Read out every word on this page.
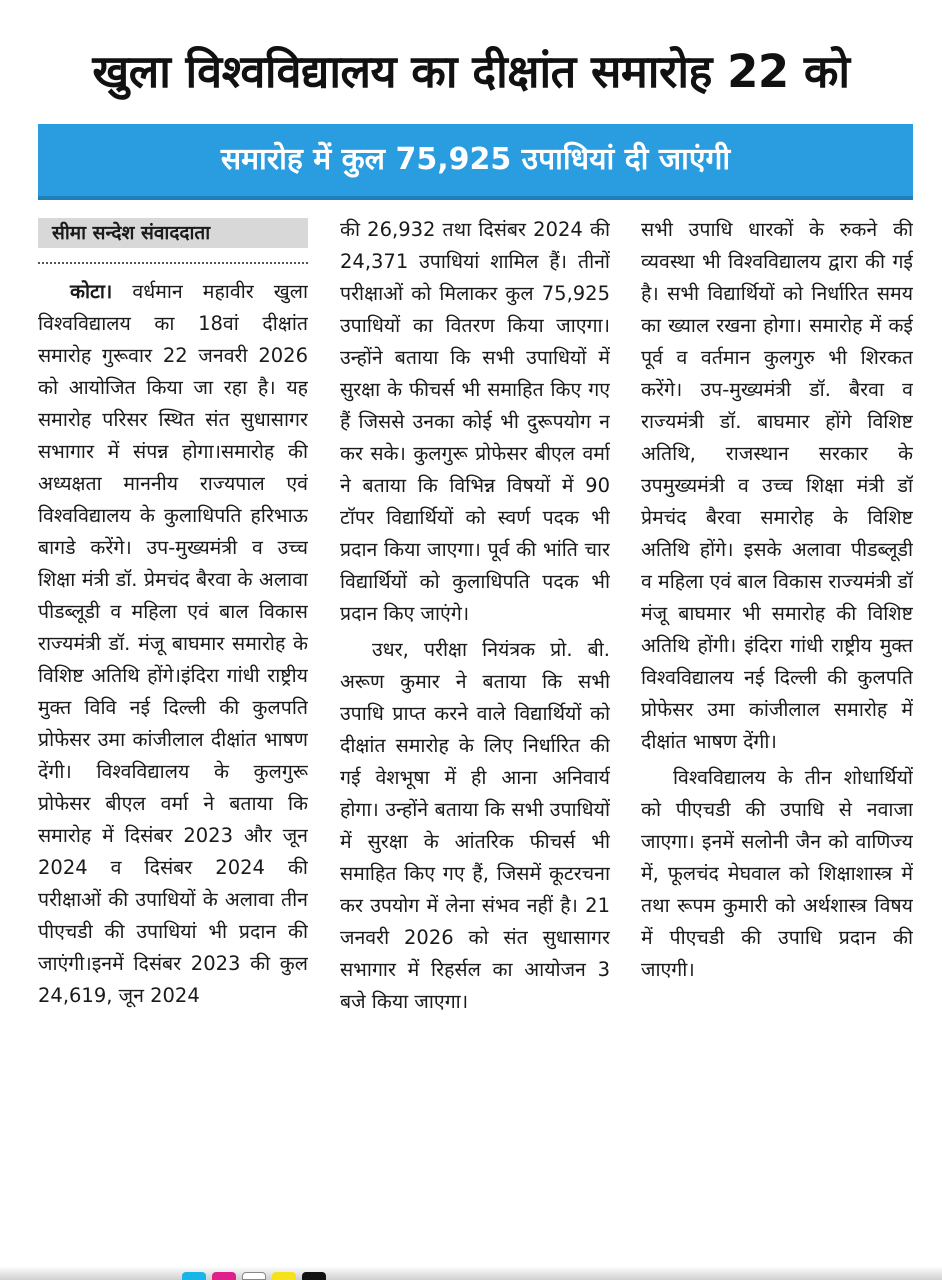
खुला विश्वविद्यालय का दीक्षांत समारोह 22 को
समारोह में कुल 75,925 उपाधियां दी जाएंगी
सीमा सन्देश संवाददाता

कोटा। वर्धमान महावीर खुला विश्वविद्यालय का 18वां दीक्षांत समारोह गुरूवार 22 जनवरी 2026 को आयोजित किया जा रहा है। यह समारोह परिसर स्थित संत सुधासागर सभागार में संपन्न होगा।समारोह की अध्यक्षता माननीय राज्यपाल एवं विश्वविद्यालय के कुलाधिपति हरिभाऊ बागडे करेंगे। उप-मुख्यमंत्री व उच्च शिक्षा मंत्री डॉ. प्रेमचंद बैरवा के अलावा पीडब्लूडी व महिला एवं बाल विकास राज्यमंत्री डॉ. मंजू बाघमार समारोह के विशिष्ट अतिथि होंगे।इंदिरा गांधी राष्ट्रीय मुक्त विवि नई दिल्ली की कुलपति प्रोफेसर उमा कांजीलाल दीक्षांत भाषण देंगी। विश्वविद्यालय के कुलगुरू प्रोफेसर बीएल वर्मा ने बताया कि समारोह में दिसंबर 2023 और जून 2024 व दिसंबर 2024 की परीक्षाओं की उपाधियों के अलावा तीन पीएचडी की उपाधियां भी प्रदान की जाएंगी।इनमें दिसंबर 2023 की कुल 24,619, जून 2024

की 26,932 तथा दिसंबर 2024 की 24,371 उपाधियां शामिल हैं। तीनों परीक्षाओं को मिलाकर कुल 75,925 उपाधियों का वितरण किया जाएगा। उन्होंने बताया कि सभी उपाधियों में सुरक्षा के फीचर्स भी समाहित किए गए हैं जिससे उनका कोई भी दुरूपयोग न कर सके। कुलगुरू प्रोफेसर बीएल वर्मा ने बताया कि विभिन्न विषयों में 90 टॉपर विद्यार्थियों को स्वर्ण पदक भी प्रदान किया जाएगा। पूर्व की भांति चार विद्यार्थियों को कुलाधिपति पदक भी प्रदान किए जाएंगे।

उधर, परीक्षा नियंत्रक प्रो. बी. अरूण कुमार ने बताया कि सभी उपाधि प्राप्त करने वाले विद्यार्थियों को दीक्षांत समारोह के लिए निर्धारित की गई वेशभूषा में ही आना अनिवार्य होगा। उन्होंने बताया कि सभी उपाधियों में सुरक्षा के आंतरिक फीचर्स भी समाहित किए गए हैं, जिसमें कूटरचना कर उपयोग में लेना संभव नहीं है। 21 जनवरी 2026 को संत सुधासागर सभागार में रिहर्सल का आयोजन 3 बजे किया जाएगा।

सभी उपाधि धारकों के रुकने की व्यवस्था भी विश्वविद्यालय द्वारा की गई है। सभी विद्यार्थियों को निर्धारित समय का ख्याल रखना होगा। समारोह में कई पूर्व व वर्तमान कुलगुरु भी शिरकत करेंगे। उप-मुख्यमंत्री डॉ. बैरवा व राज्यमंत्री डॉ. बाघमार होंगे विशिष्ट अतिथि, राजस्थान सरकार के उपमुख्यमंत्री व उच्च शिक्षा मंत्री डॉ प्रेमचंद बैरवा समारोह के विशिष्ट अतिथि होंगे। इसके अलावा पीडब्लूडी व महिला एवं बाल विकास राज्यमंत्री डॉ मंजू बाघमार भी समारोह की विशिष्ट अतिथि होंगी। इंदिरा गांधी राष्ट्रीय मुक्त विश्वविद्यालय नई दिल्ली की कुलपति प्रोफेसर उमा कांजीलाल समारोह में दीक्षांत भाषण देंगी।

विश्वविद्यालय के तीन शोधार्थियों को पीएचडी की उपाधि से नवाजा जाएगा। इनमें सलोनी जैन को वाणिज्य में, फूलचंद मेघवाल को शिक्षाशास्त्र में तथा रूपम कुमारी को अर्थशास्त्र विषय में पीएचडी की उपाधि प्रदान की जाएगी।
